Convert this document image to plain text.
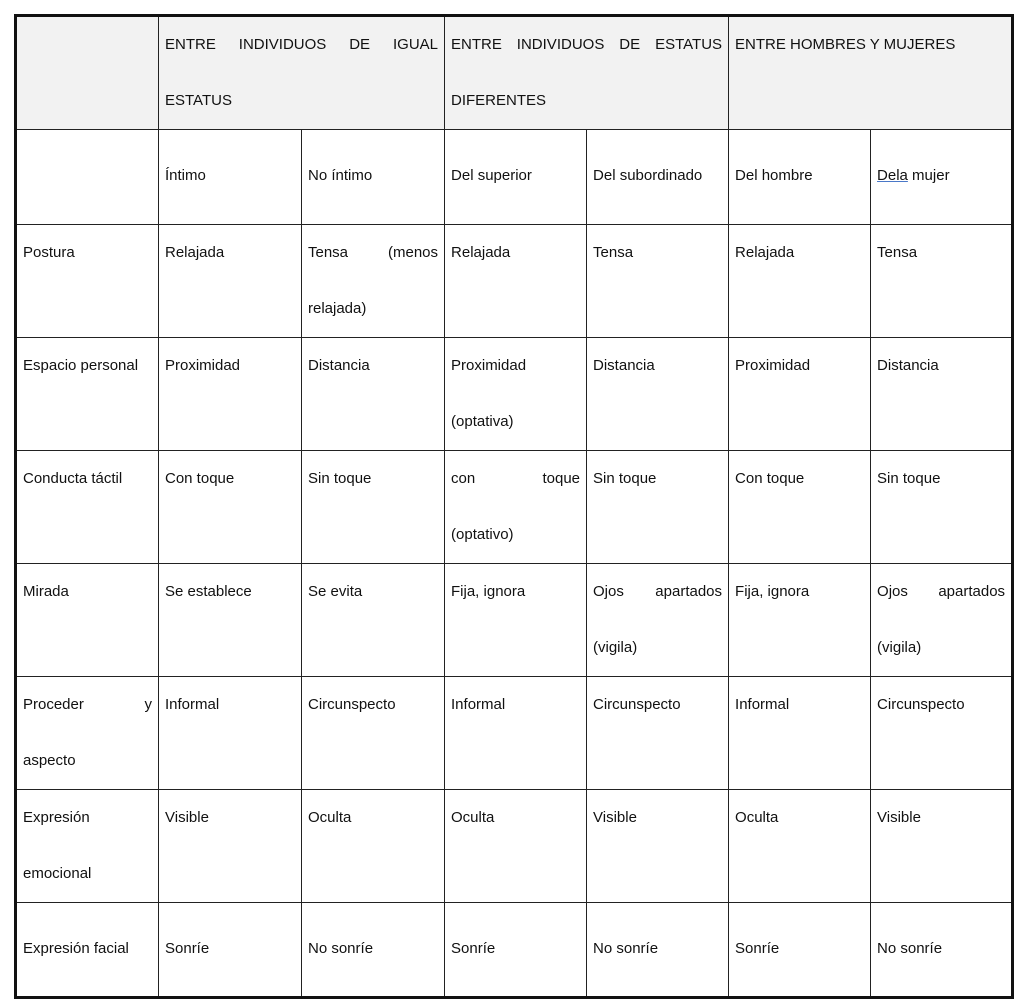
	ENTRE INDIVIDUOS DE IGUAL ESTATUS		ENTRE INDIVIDUOS DE ESTATUS DIFERENTES		ENTRE HOMBRES Y MUJERES	
	Íntimo	No íntimo	Del superior	Del subordinado	Del hombre	Dela mujer
Postura	Relajada	Tensa (menos relajada)	Relajada	Tensa	Relajada	Tensa
Espacio personal	Proximidad	Distancia	Proximidad (optativa)	Distancia	Proximidad	Distancia
Conducta táctil	Con toque	Sin toque	con toque (optativo)	Sin toque	Con toque	Sin toque
Mirada	Se establece	Se evita	Fija, ignora	Ojos apartados (vigila)	Fija, ignora	Ojos apartados (vigila)
Proceder y aspecto	Informal	Circunspecto	Informal	Circunspecto	Informal	Circunspecto
Expresión emocional	Visible	Oculta	Oculta	Visible	Oculta	Visible
Expresión facial	Sonríe	No sonríe	Sonríe	No sonríe	Sonríe	No sonríe
